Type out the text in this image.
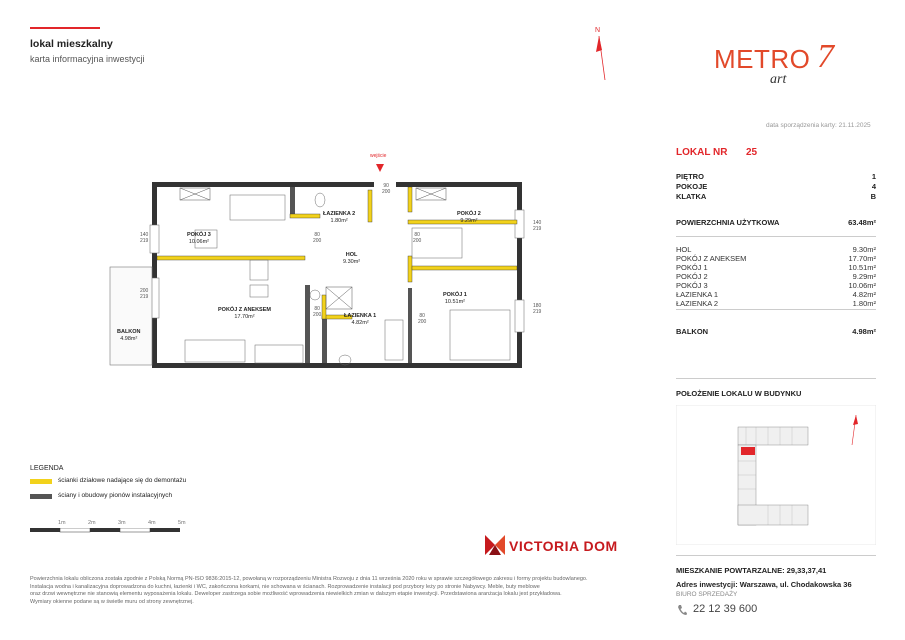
lokal mieszkalny
karta informacyjna inwestycji
N
METRO
art
7
data sporządzenia karty: 21.11.2025
LOKAL NR 25
PIĘTRO	1
POKOJE	4
KLATKA	B
POWIERZCHNIA UŻYTKOWA	63.48m²
HOL	9.30m²
POKÓJ Z ANEKSEM	17.70m²
POKÓJ 1	10.51m²
POKÓJ 2	9.29m²
POKÓJ 3	10.06m²
ŁAZIENKA 1	4.82m²
ŁAZIENKA 2	1.80m²
BALKON	4.98m²
POŁOŻENIE LOKALU W BUDYNKU
wejście
POKÓJ 3
10.06m²
ŁAZIENKA 2
1.80m²
POKÓJ 2
9.29m²
HOL
9.30m²
POKÓJ Z ANEKSEM
17.70m²	ŁAZIENKA 1
4.82m²
POKÓJ 1
10.51m²
BALKON
4.98m²
140
219
200
219
140
219
180
219
80
200
80
200	80
200
80
200
90
200
LEGENDA
ścianki działowe nadające się do demontażu
ściany i obudowy pionów instalacyjnych
1m	2m	3m	4m	5m
VICTORIA DOM
Powierzchnia lokalu obliczona została zgodnie z Polską Normą PN-ISO 9836:2015-12, powołaną w rozporządzeniu Ministra Rozwoju z dnia 11 września 2020 roku w sprawie szczegółowego zakresu i formy projektu budowlanego.
Instalacja wodna i kanalizacyjna doprowadzona do kuchni, łazienki i WC, zakończona korkami, nie schowana w ścianach. Rozprowadzenie instalacji pod przybory leży po stronie Nabywcy. Meble, buty meblowe
oraz drzwi wewnętrzne nie stanowią elementu wyposażenia lokalu. Deweloper zastrzega sobie możliwość wprowadzenia niewielkich zmian w dalszym etapie inwestycji. Przedstawiona aranżacja lokalu jest przykładowa.
Wymiary okienne podane są w świetle muru od strony zewnętrznej.
MIESZKANIE POWTARZALNE: 29,33,37,41
Adres inwestycji: Warszawa, ul. Chodakowska 36
BIURO SPRZEDAŻY
22 12 39 600
